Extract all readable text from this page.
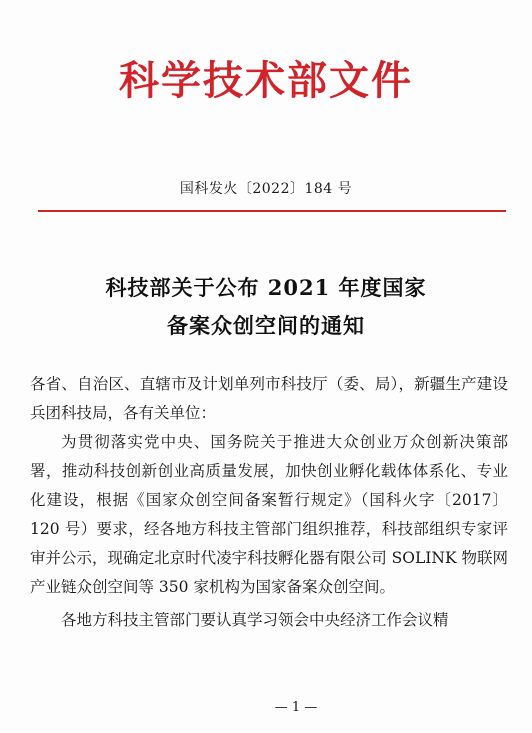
科学技术部文件
国科发火〔2022〕184 号
科技部关于公布 2021 年度国家
备案众创空间的通知

各省、自治区、直辖市及计划单列市科技厅（委、局），新疆生产建设兵团科技局，各有关单位：

为贯彻落实党中央、国务院关于推进大众创业万众创新决策部署，推动科技创新创业高质量发展，加快创业孵化载体体系化、专业化建设，根据《国家众创空间备案暂行规定》（国科火字〔2017〕120 号）要求，经各地方科技主管部门组织推荐，科技部组织专家评审并公示，现确定北京时代凌宇科技孵化器有限公司 SOLINK 物联网产业链众创空间等 350 家机构为国家备案众创空间。

各地方科技主管部门要认真学习领会中央经济工作会议精

— 1 —
